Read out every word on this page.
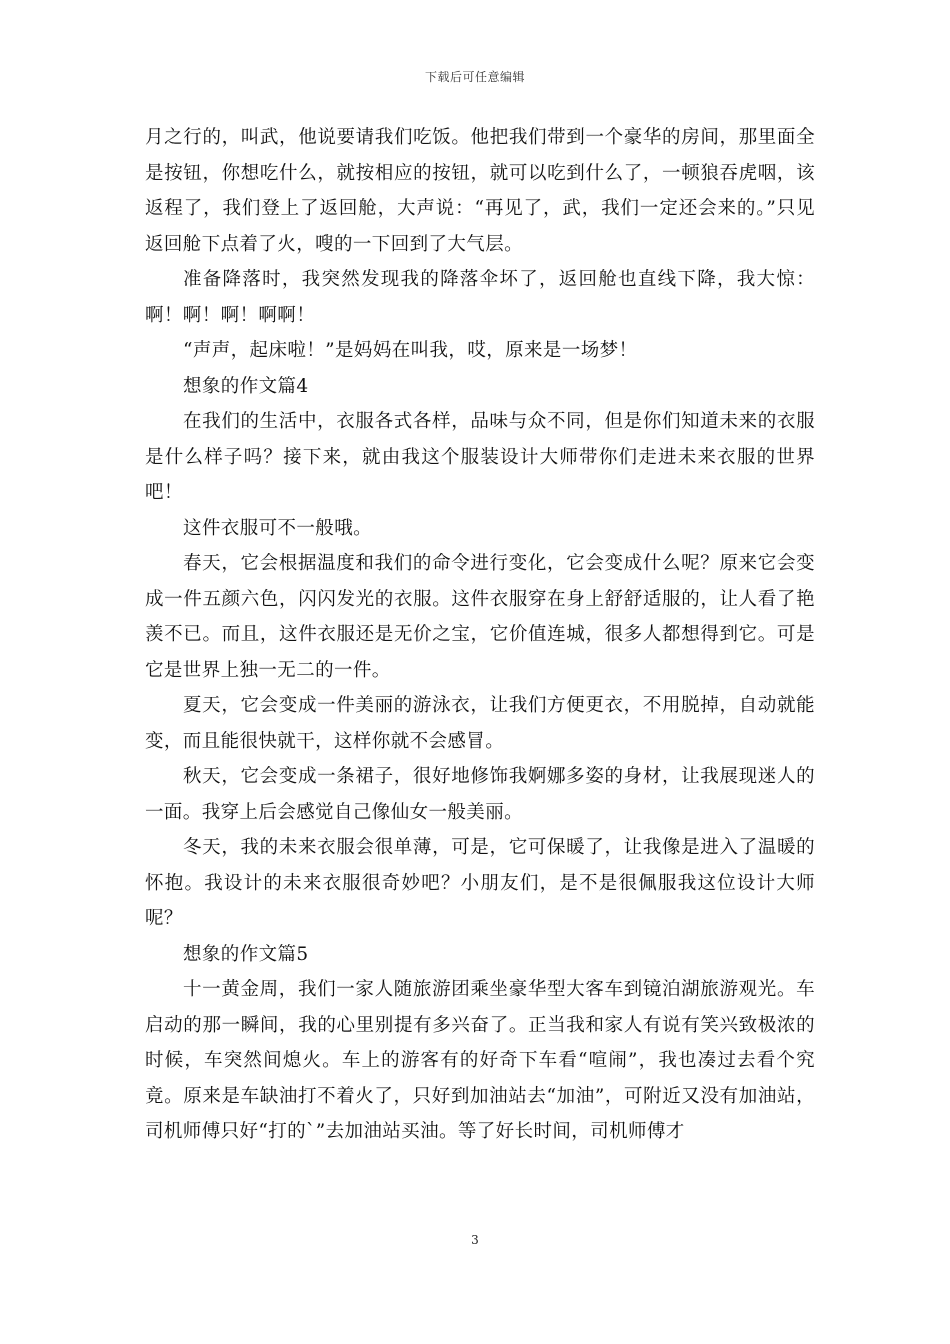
下载后可任意编辑

月之行的，叫武，他说要请我们吃饭。他把我们带到一个豪华的房间，那里面全是按钮，你想吃什么，就按相应的按钮，就可以吃到什么了，一顿狼吞虎咽，该返程了，我们登上了返回舱，大声说：“再见了，武，我们一定还会来的。”只见返回舱下点着了火，嗖的一下回到了大气层。

准备降落时，我突然发现我的降落伞坏了，返回舱也直线下降，我大惊：啊！啊！啊！啊啊！

“声声，起床啦！”是妈妈在叫我，哎，原来是一场梦！

想象的作文篇4

在我们的生活中，衣服各式各样，品味与众不同，但是你们知道未来的衣服是什么样子吗？接下来，就由我这个服装设计大师带你们走进未来衣服的世界吧！

这件衣服可不一般哦。

春天，它会根据温度和我们的命令进行变化，它会变成什么呢？原来它会变成一件五颜六色，闪闪发光的衣服。这件衣服穿在身上舒舒适服的，让人看了艳羡不已。而且，这件衣服还是无价之宝，它价值连城，很多人都想得到它。可是它是世界上独一无二的一件。

夏天，它会变成一件美丽的游泳衣，让我们方便更衣，不用脱掉，自动就能变，而且能很快就干，这样你就不会感冒。

秋天，它会变成一条裙子，很好地修饰我婀娜多姿的身材，让我展现迷人的一面。我穿上后会感觉自己像仙女一般美丽。

冬天，我的未来衣服会很单薄，可是，它可保暖了，让我像是进入了温暖的怀抱。我设计的未来衣服很奇妙吧？小朋友们，是不是很佩服我这位设计大师呢？

想象的作文篇5

十一黄金周，我们一家人随旅游团乘坐豪华型大客车到镜泊湖旅游观光。车启动的那一瞬间，我的心里别提有多兴奋了。正当我和家人有说有笑兴致极浓的时候，车突然间熄火。车上的游客有的好奇下车看“喧闹”，我也凑过去看个究竟。原来是车缺油打不着火了，只好到加油站去“加油”，可附近又没有加油站，司机师傅只好“打的`”去加油站买油。等了好长时间，司机师傅才

3
